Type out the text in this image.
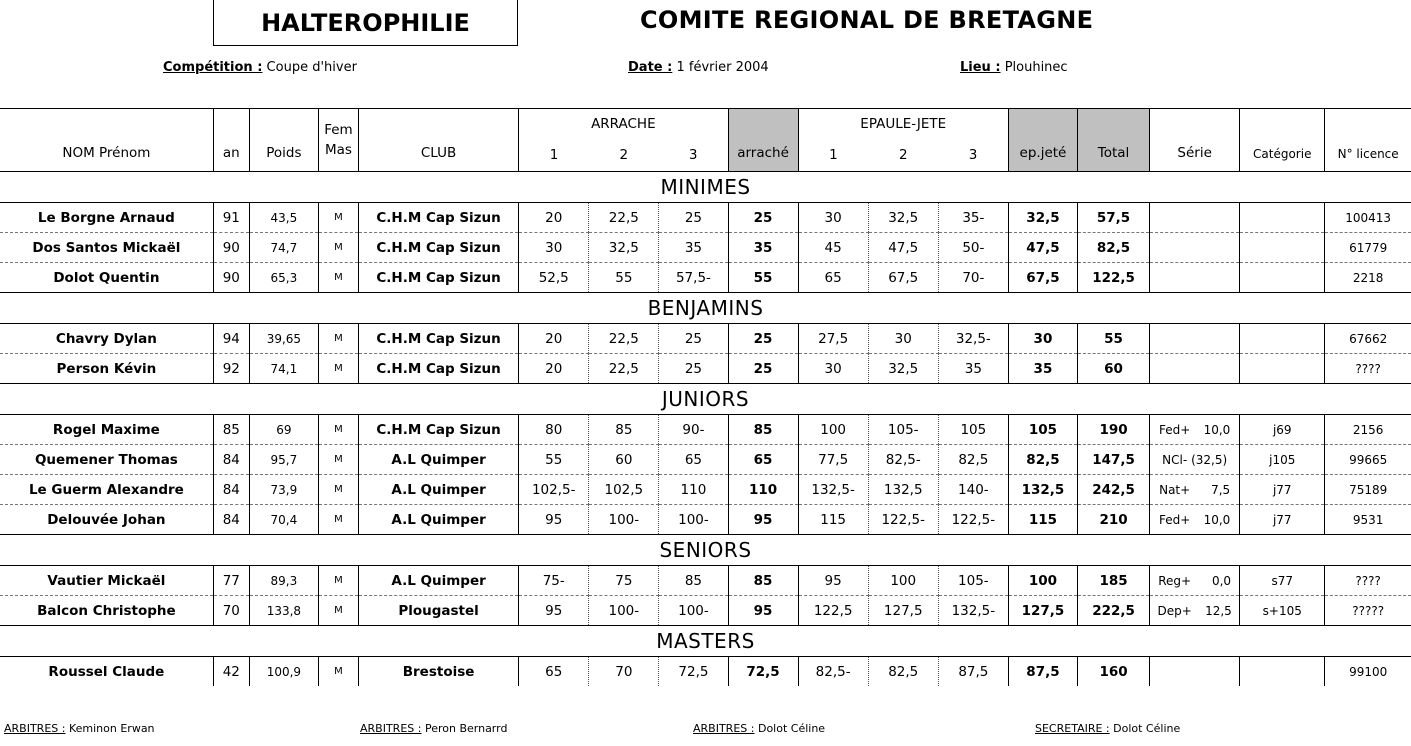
HALTEROPHILIE	COMITE REGIONAL DE BRETAGNE
Compétition : Coupe d'hiver	Date : 1 février 2004	Lieu : Plouhinec
NOM Prénom	an	Poids	Fem	CLUB	ARRACHE			arraché	EPAULE-JETE			ep.jeté	Total	Série	Catégorie	N° licence
			Mas		1	2	3		1	2	3					
MINIMES																
Le Borgne Arnaud	91	43,5	M	C.H.M Cap Sizun	20	22,5	25	25	30	32,5	35-	32,5	57,5			100413
Dos Santos Mickaël	90	74,7	M	C.H.M Cap Sizun	30	32,5	35	35	45	47,5	50-	47,5	82,5			61779
Dolot Quentin	90	65,3	M	C.H.M Cap Sizun	52,5	55	57,5-	55	65	67,5	70-	67,5	122,5			2218
BENJAMINS																
Chavry Dylan	94	39,65	M	C.H.M Cap Sizun	20	22,5	25	25	27,5	30	32,5-	30	55			67662
Person Kévin	92	74,1	M	C.H.M Cap Sizun	20	22,5	25	25	30	32,5	35	35	60			????
JUNIORS																
Rogel Maxime	85	69	M	C.H.M Cap Sizun	80	85	90-	85	100	105-	105	105	190	Fed+ 10,0	j69	2156
Quemener Thomas	84	95,7	M	A.L Quimper	55	60	65	65	77,5	82,5-	82,5	82,5	147,5	NCl- (32,5)	j105	99665
Le Guerm Alexandre	84	73,9	M	A.L Quimper	102,5-	102,5	110	110	132,5-	132,5	140-	132,5	242,5	Nat+ 7,5	j77	75189
Delouvée Johan	84	70,4	M	A.L Quimper	95	100-	100-	95	115	122,5-	122,5-	115	210	Fed+ 10,0	j77	9531
SENIORS																
Vautier Mickaël	77	89,3	M	A.L Quimper	75-	75	85	85	95	100	105-	100	185	Reg+ 0,0	s77	????
Balcon Christophe	70	133,8	M	Plougastel	95	100-	100-	95	122,5	127,5	132,5-	127,5	222,5	Dep+ 12,5	s+105	?????
MASTERS																
Roussel Claude	42	100,9	M	Brestoise	65	70	72,5	72,5	82,5-	82,5	87,5	87,5	160			99100
ARBITRES : Keminon Erwan	ARBITRES : Peron Bernarrd	ARBITRES : Dolot Céline	SECRETAIRE : Dolot Céline
